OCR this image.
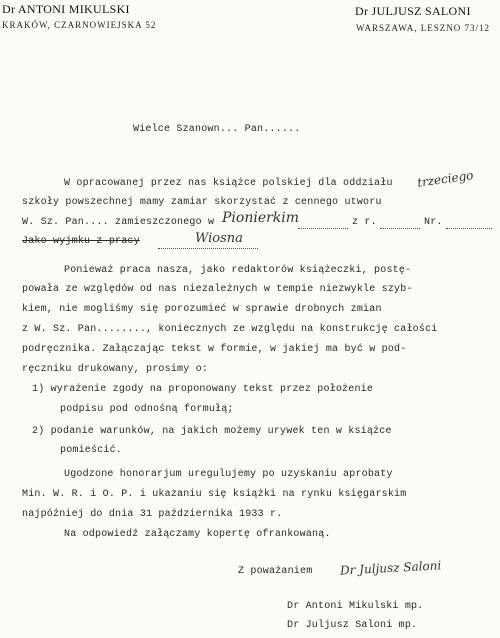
Dr ANTONI MIKULSKI
KRAKÓW, CZARNOWIEJSKA 52
Dr JULJUSZ SALONI
WARSZAWA, LESZNO 73/12
Wielce Szanown... Pan......
W opracowanej przez nas książce polskiej dla oddziału trzeciego
szkoły powszechnej mamy zamiar skorzystać z cennego utworu
W. Sz. Pan.... zamieszczonego w Pionierkim	z r.	Nr.
Jako wyjmku z pracy	Wiosna
Ponieważ praca nasza, jako redaktorów książeczki, postę-
powała ze względów od nas niezależnych w tempie niezwykle szyb-
kiem, nie mogliśmy się porozumieć w sprawie drobnych zmian
z W. Sz. Pan........, koniecznych ze względu na konstrukcję całości
podręcznika. Załączając tekst w formie, w jakiej ma być w pod-
ręczniku drukowany, prosimy o:
1) wyrażenie zgody na proponowany tekst przez położenie
podpisu pod odnośną formułą;
2) podanie warunków, na jakich możemy urywek ten w książce
pomieścić.
Ugodzone honorarjum uregulujemy po uzyskaniu aprobaty
Min. W. R. i O. P. i ukazaniu się książki na rynku księgarskim
najpóźniej do dnia 31 października 1933 r.
Na odpowiedź załączamy kopertę ofrankowaną.
Z poważaniem Dr Juljusz Saloni
Dr Antoni Mikulski mp.
Dr Juljusz Saloni mp.
